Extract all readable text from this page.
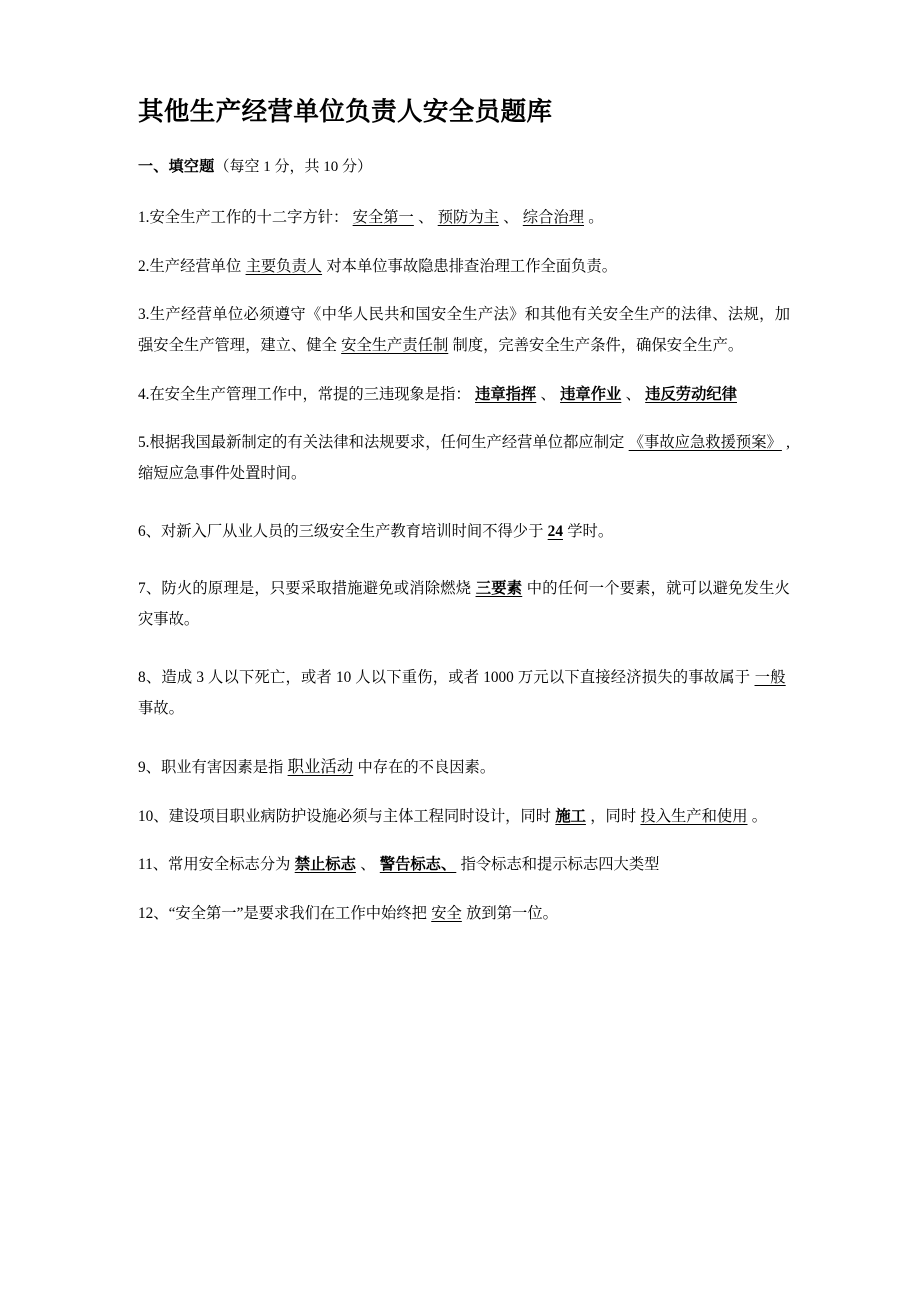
其他生产经营单位负责人安全员题库

一、填空题（每空 1 分，共 10 分）

1.安全生产工作的十二字方针： 安全第一 、 预防为主 、 综合治理 。

2.生产经营单位 主要负责人 对本单位事故隐患排查治理工作全面负责。

3.生产经营单位必须遵守《中华人民共和国安全生产法》和其他有关安全生产的法律、法规，加强安全生产管理，建立、健全 安全生产责任制 制度，完善安全生产条件，确保安全生产。

4.在安全生产管理工作中，常提的三违现象是指： 违章指挥 、 违章作业 、 违反劳动纪律

5.根据我国最新制定的有关法律和法规要求，任何生产经营单位都应制定 《事故应急救援预案》 ,缩短应急事件处置时间。

6、对新入厂从业人员的三级安全生产教育培训时间不得少于 24 学时。

7、防火的原理是，只要采取措施避免或消除燃烧 三要素 中的任何一个要素，就可以避免发生火灾事故。

8、造成 3 人以下死亡，或者 10 人以下重伤，或者 1000 万元以下直接经济损失的事故属于 一般 事故。

9、职业有害因素是指 职业活动 中存在的不良因素。

10、建设项目职业病防护设施必须与主体工程同时设计，同时 施工 ，同时 投入生产和使用 。

11、常用安全标志分为 禁止标志 、 警告标志、 指令标志和提示标志四大类型

12、“安全第一”是要求我们在工作中始终把 安全 放到第一位。
